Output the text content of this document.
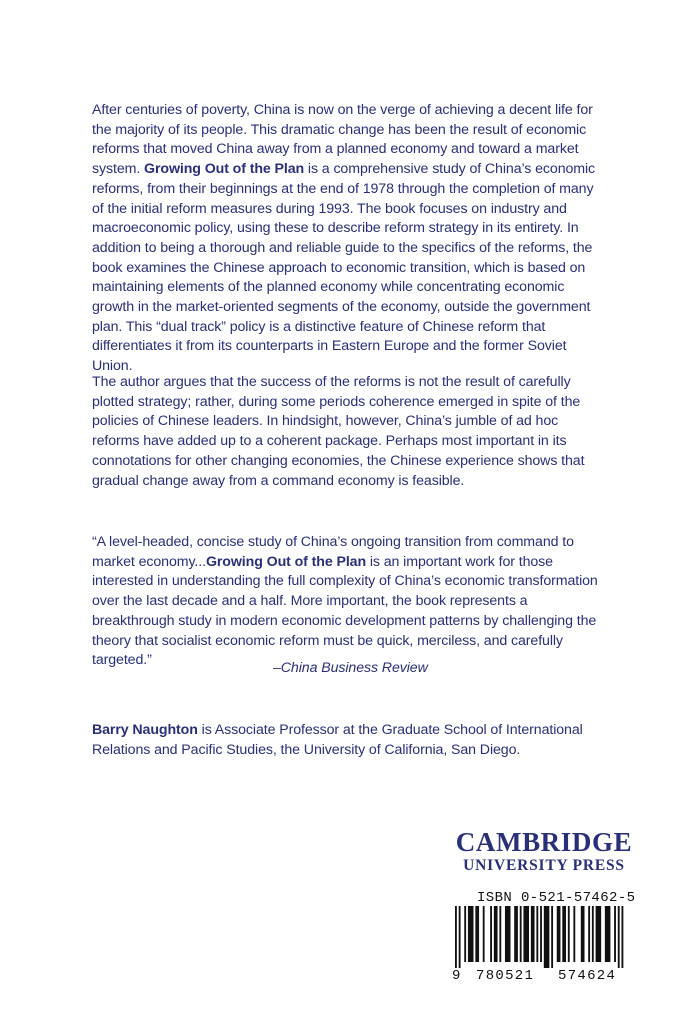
After centuries of poverty, China is now on the verge of achieving a decent life for the majority of its people. This dramatic change has been the result of economic reforms that moved China away from a planned economy and toward a market system. Growing Out of the Plan is a comprehensive study of China’s economic reforms, from their beginnings at the end of 1978 through the completion of many of the initial reform measures during 1993. The book focuses on industry and macroeconomic policy, using these to describe reform strategy in its entirety. In addition to being a thorough and reliable guide to the specifics of the reforms, the book examines the Chinese approach to economic transition, which is based on maintaining elements of the planned economy while concentrating economic growth in the market-oriented segments of the economy, outside the government plan. This “dual track” policy is a distinctive feature of Chinese reform that differentiates it from its counterparts in Eastern Europe and the former Soviet Union.

The author argues that the success of the reforms is not the result of carefully plotted strategy; rather, during some periods coherence emerged in spite of the policies of Chinese leaders. In hindsight, however, China’s jumble of ad hoc reforms have added up to a coherent package. Perhaps most important in its connotations for other changing economies, the Chinese experience shows that gradual change away from a command economy is feasible.

“A level-headed, concise study of China’s ongoing transition from command to market economy...Growing Out of the Plan is an important work for those interested in understanding the full complexity of China’s economic transformation over the last decade and a half. More important, the book represents a breakthrough study in modern economic development patterns by challenging the theory that socialist economic reform must be quick, merciless, and carefully targeted.”	–China Business Review

Barry Naughton is Associate Professor at the Graduate School of International Relations and Pacific Studies, the University of California, San Diego.

CAMBRIDGE
UNIVERSITY PRESS
ISBN 0-521-57462-5
9 780521 574624
